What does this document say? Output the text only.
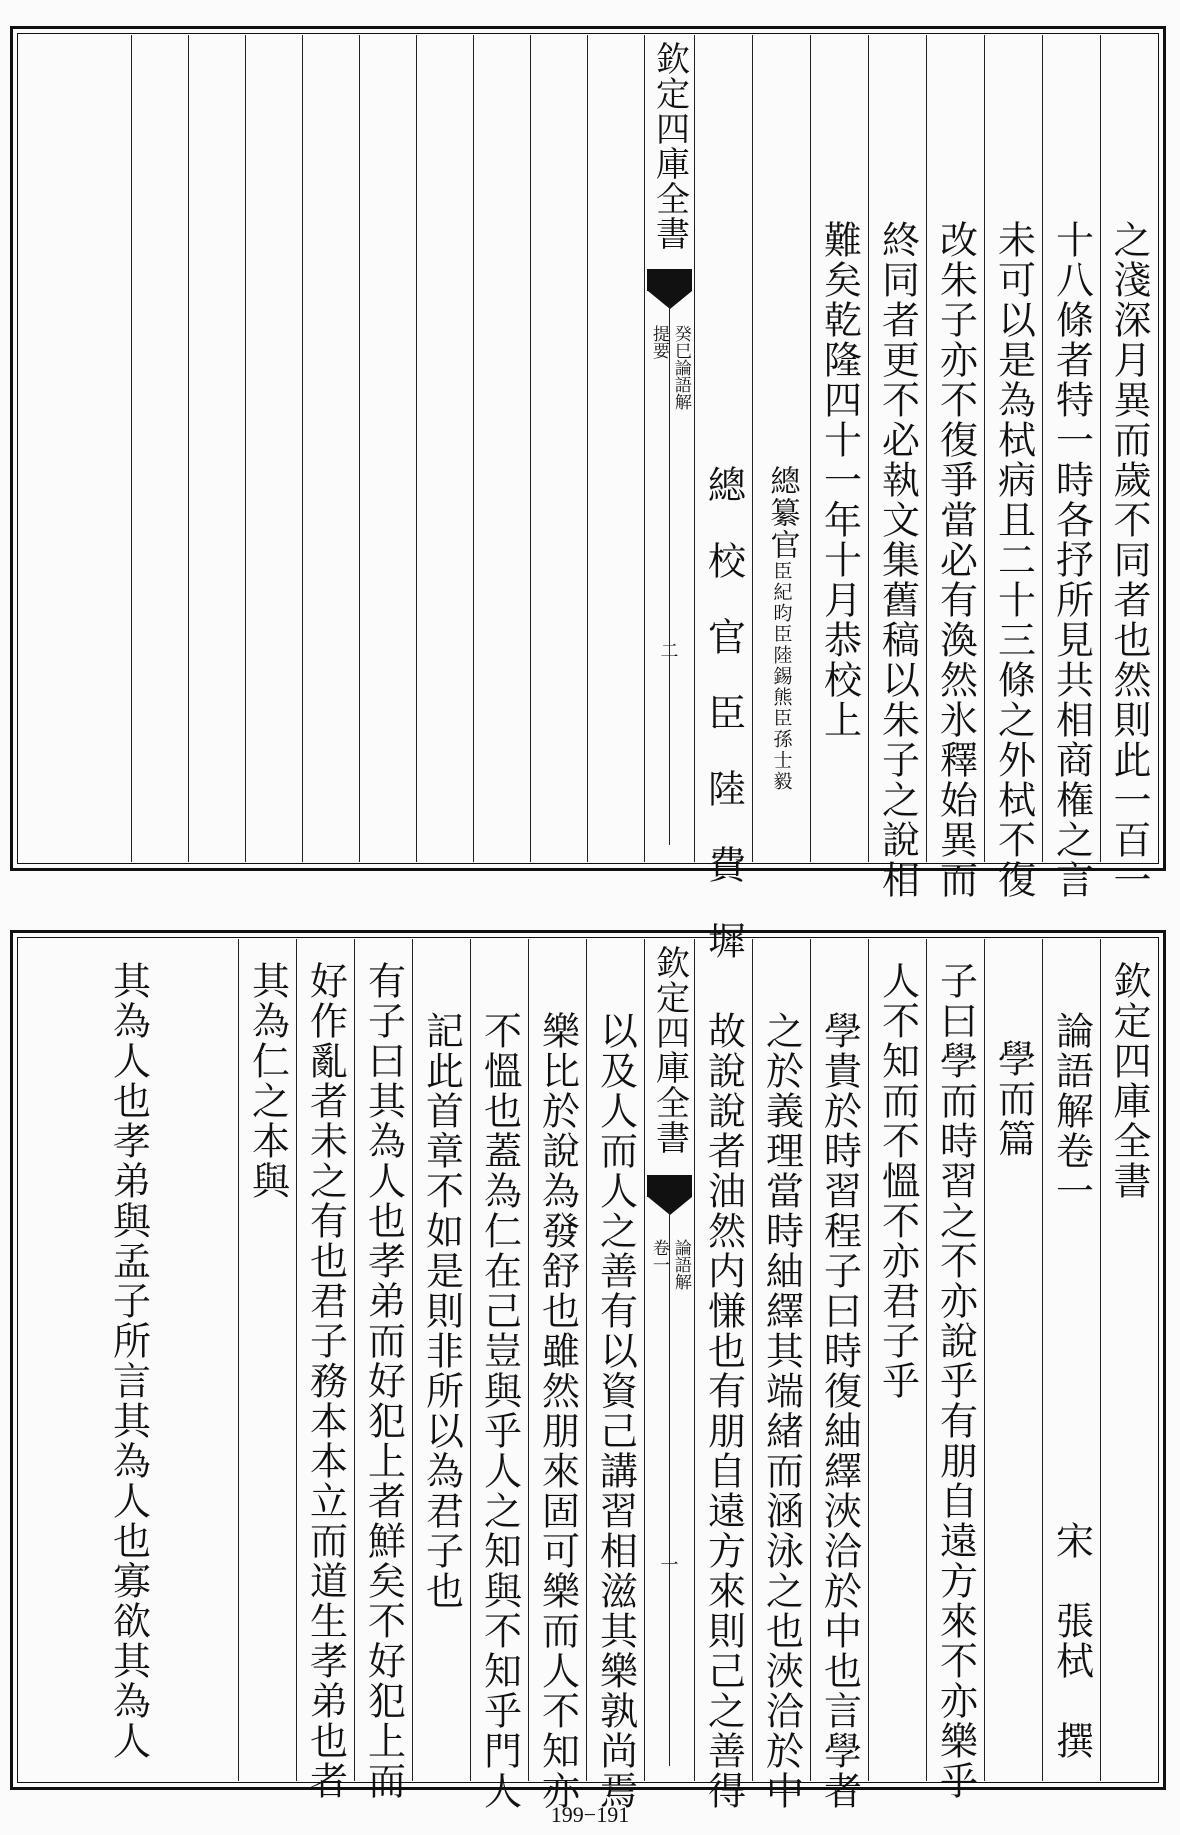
之淺深月異而歲不同者也然則此一百一
十八條者特一時各抒所見共相商権之言
未可以是為栻病且二十三條之外栻不復
改朱子亦不復爭當必有渙然氷釋始異而
終同者更不必執文集舊稿以朱子之說相
難矣乾隆四十一年十月恭校上
總纂官臣紀昀臣陸錫熊臣孫士毅
總　校　官　臣　陸　費　墀
欽定四庫全書
癸巳論語解
提要
二
欽定四庫全書
論語解卷一宋　張栻　撰
學而篇
子曰學而時習之不亦說乎有朋自遠方來不亦樂乎
人不知而不慍不亦君子乎
學貴於時習程子曰時復紬繹浹洽於中也言學者
之於義理當時紬繹其端緒而涵泳之也浹洽於中
故說說者油然内慊也有朋自遠方來則己之善得
欽定四庫全書
論語解
卷一
一
以及人而人之善有以資己講習相滋其樂孰尚焉
樂比於說為發舒也雖然朋來固可樂而人不知亦
不慍也蓋為仁在己豈與乎人之知與不知乎門人
記此首章不如是則非所以為君子也
有子曰其為人也孝弟而好犯上者鮮矣不好犯上而
好作亂者未之有也君子務本本立而道生孝弟也者
其為仁之本與
其為人也孝弟與孟子所言其為人也寡欲其為人
199−191
